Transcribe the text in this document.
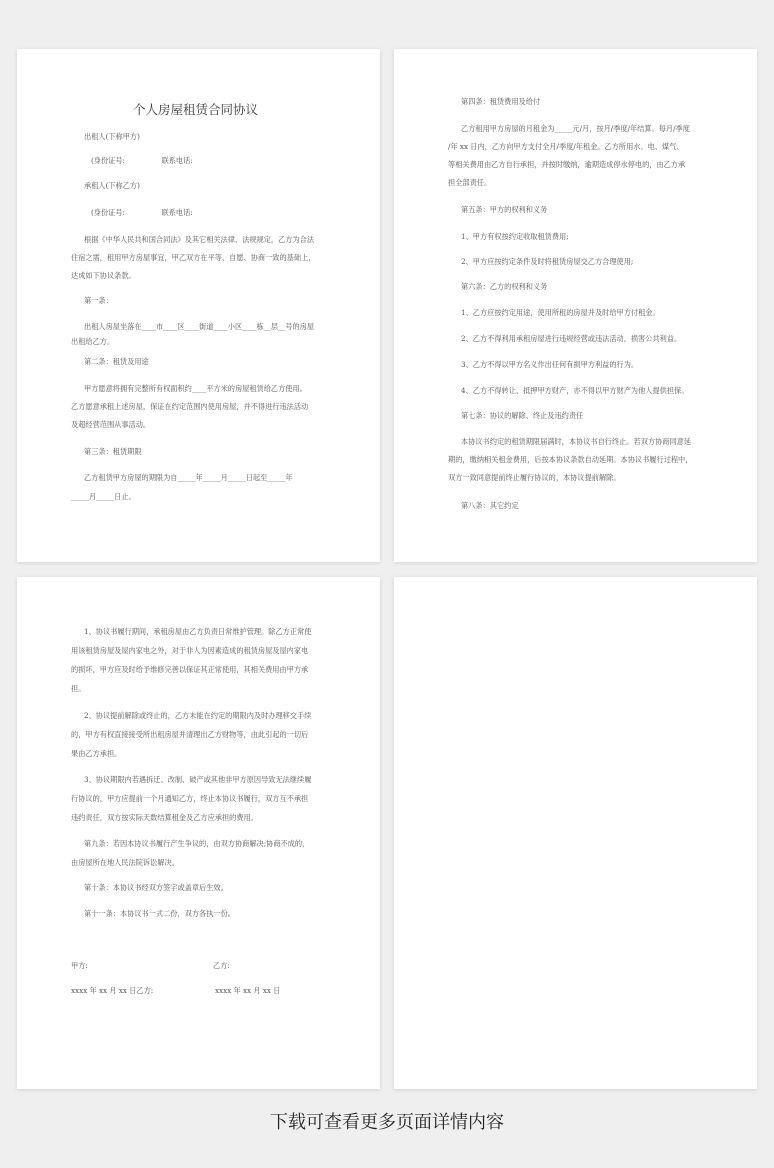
个人房屋租赁合同协议

出租人(下称甲方)

(身份证号:                联系电话:

承租人(下称乙方)

(身份证号:                联系电话:

根据《中华人民共和国合同法》及其它相关法律、法规规定，乙方为合法

住宿之需，租用甲方房屋事宜，甲乙双方在平等、自愿、协商一致的基础上，

达成如下协议条款。

第一条：

出租人房屋坐落在____市____区____街道____小区____栋__层__号的房屋

出租给乙方。

第二条：租赁及用途

甲方愿意将拥有完整所有权面积约____平方米的房屋租赁给乙方使用。

乙方愿意承租上述房屋，保证在约定范围内使用房屋，并不得进行违法活动

及超经营范围从事活动。

第三条：租赁期限

乙方租赁甲方房屋的期限为自_____年_____月_____日起至_____年

_____月_____日止。

第四条：租赁费用及给付

乙方租用甲方房屋的月租金为_____元/月，按月/季度/年结算。每月/季度

/年 xx 日内，乙方向甲方支付全月/季度/年租金。乙方所用水、电、煤气、

等相关费用由乙方自行承担，并按时缴纳，逾期造成停水停电的，由乙方承

担全部责任。

第五条：甲方的权利和义务

1、甲方有权按约定收取租赁费用;

2、甲方应按约定条件及时将租赁房屋交乙方合理使用;

第六条：乙方的权利和义务

1、乙方应按约定用途，使用所租的房屋并及时给甲方付租金。

2、乙方不得利用承租房屋进行违规经营或违法活动，损害公共利益。

3、乙方不得以甲方名义作出任何有损甲方利益的行为。

4、乙方不得转让、抵押甲方财产，亦不得以甲方财产为他人提供担保。

第七条：协议的解除、终止及违约责任

本协议书约定的租赁期限届满时，本协议书自行终止。若双方协商同意延

期的，缴纳相关租金费用，后按本协议条款自动延期。本协议书履行过程中，

双方一致同意提前终止履行协议的，本协议提前解除。

第八条：其它约定

1、协议书履行期间，承租房屋由乙方负责日常维护管理。除乙方正常使

用该租赁房屋及屋内家电之外，对于非人为因素造成的租赁房屋及屋内家电

的损坏，甲方应及时给予维修完善以保证其正常使用，其相关费用由甲方承

担。

2、协议提前解除或终止的，乙方未能在约定的期限内及时办理移交手续

的，甲方有权直接接受所出租房屋并清理出乙方财物等，由此引起的一切后

果由乙方承担。

3、协议期限内若遇拆迁、改制、破产或其他非甲方原因导致无法继续履

行协议的，甲方应提前一个月通知乙方，终止本协议书履行，双方互不承担

违约责任，双方按实际天数结算租金及乙方应承担的费用。

第九条：若因本协议书履行产生争议的，由双方协商解决;协商不成的，

由房屋所在地人民法院诉讼解决。

第十条：本协议书经双方签字或盖章后生效。

第十一条：本协议书一式二份，双方各执一份。

甲方:	乙方:

xxxx 年 xx 月 xx 日乙方:	xxxx 年 xx 月 xx 日

下载可查看更多页面详情内容
